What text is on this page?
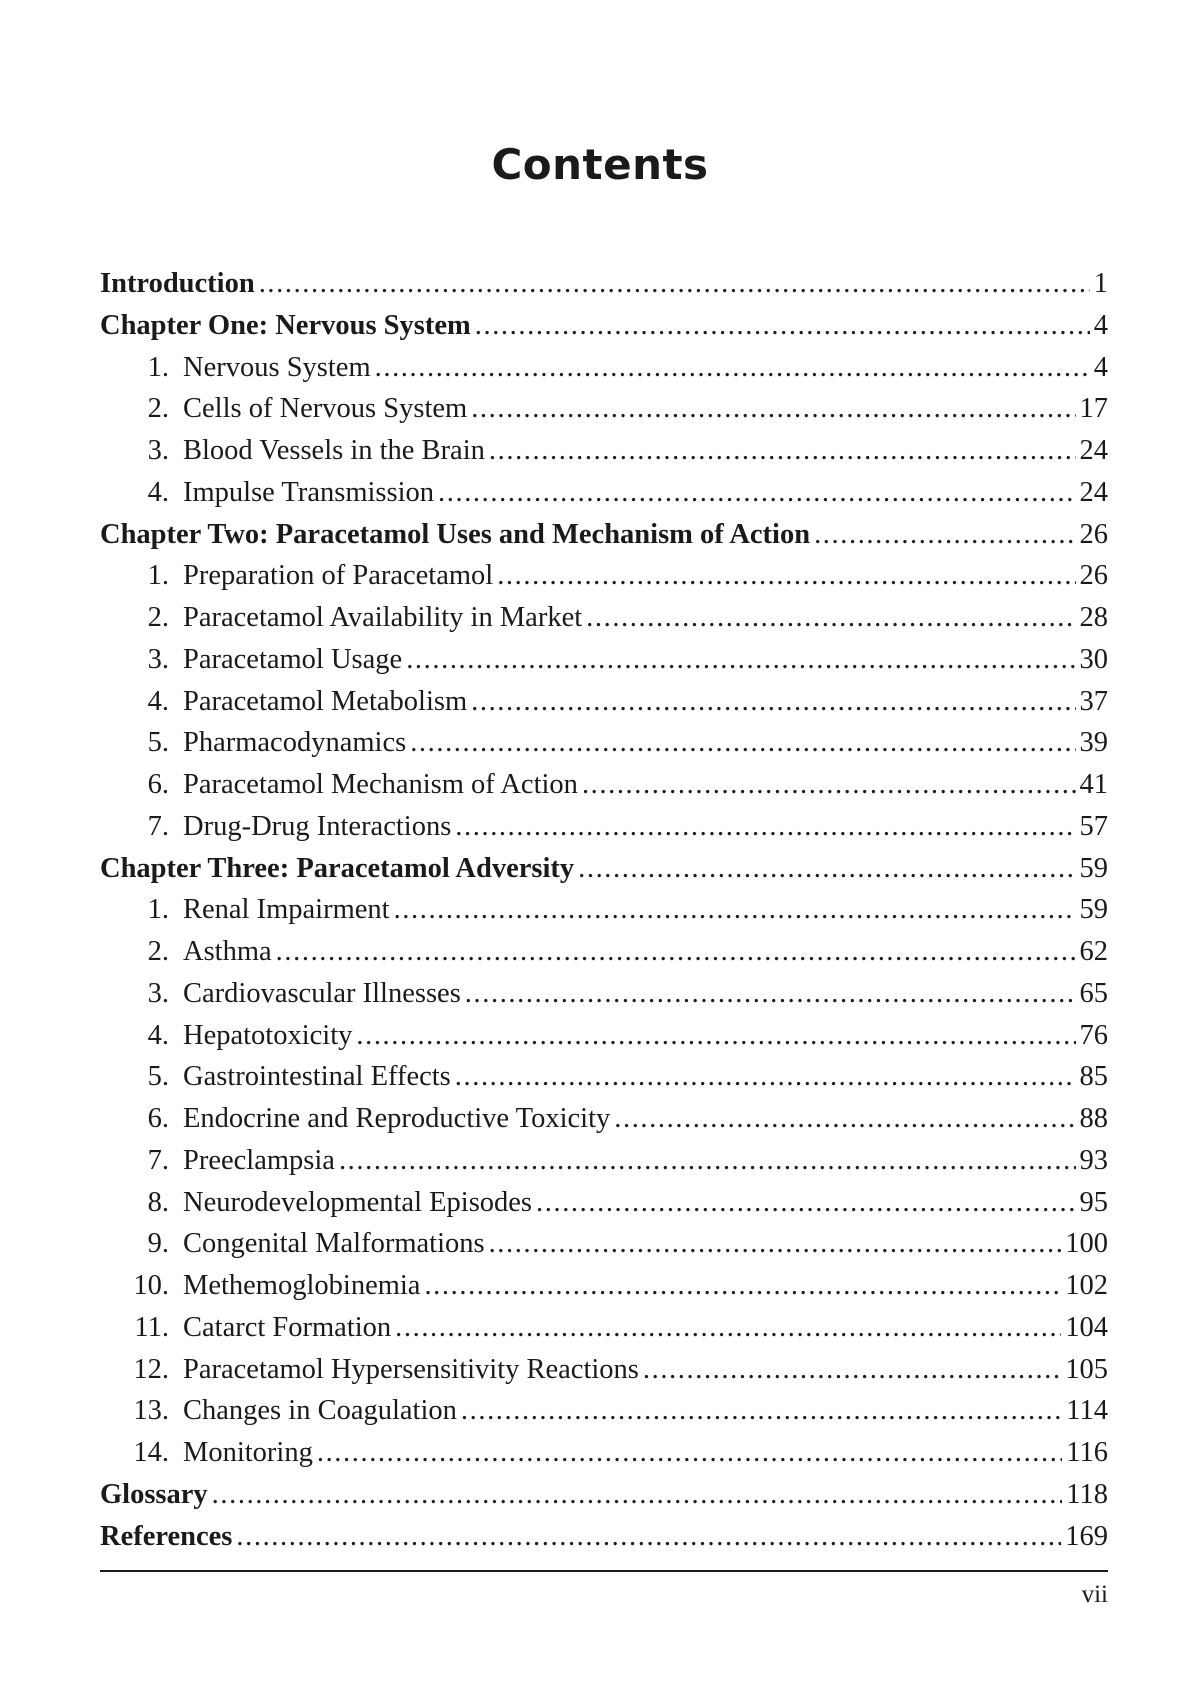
Contents
Introduction .....	1
Chapter One: Nervous System .....	4
1 . Nervous System .....	4
2 . Cells of Nervous System .....	17
3 . Blood Vessels in the Brain .....	24
4 . Impulse Transmission .....	24
Chapter Two: Paracetamol Uses and Mechanism of Action .....	26
1 . Preparation of Paracetamol .....	26
2 . Paracetamol Availability in Market .....	28
3 . Paracetamol Usage .....	30
4 . Paracetamol Metabolism .....	37
5 . Pharmacodynamics .....	39
6 . Paracetamol Mechanism of Action .....	41
7 . Drug-Drug Interactions .....	57
Chapter Three: Paracetamol Adversity .....	59
1 . Renal Impairment .....	59
2 . Asthma .....	62
3 . Cardiovascular Illnesses .....	65
4 . Hepatotoxicity .....	76
5 . Gastrointestinal Effects .....	85
6 . Endocrine and Reproductive Toxicity .....	88
7 . Preeclampsia .....	93
8 . Neurodevelopmental Episodes .....	95
9 . Congenital Malformations .....	100
10 . Methemoglobinemia .....	102
11 . Catarct Formation .....	104
12 . Paracetamol Hypersensitivity Reactions .....	105
13 . Changes in Coagulation .....	114
14 . Monitoring .....	116
Glossary .....	118
References .....	169
vii
